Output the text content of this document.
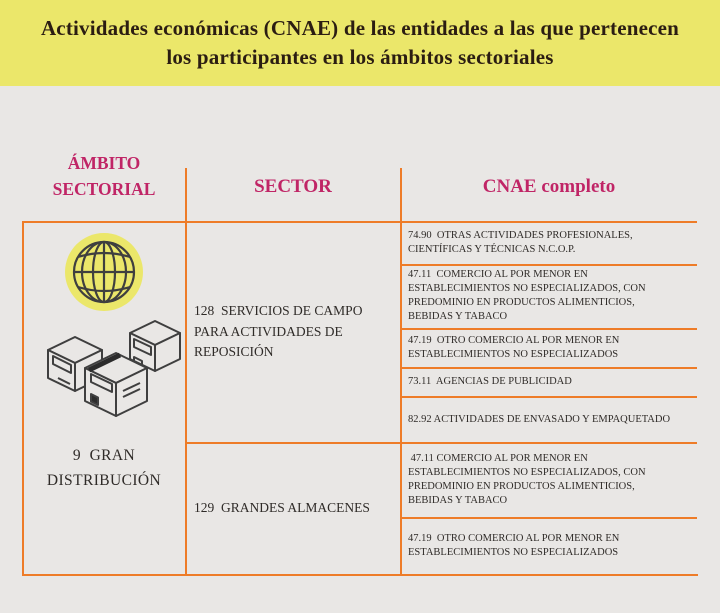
Actividades económicas (CNAE) de las entidades a las que pertenecen los participantes en los ámbitos sectoriales
ÁMBITO SECTORIAL	SECTOR	CNAE completo
9  GRAN DISTRIBUCIÓN
128  SERVICIOS DE CAMPO PARA ACTIVIDADES DE REPOSICIÓN
129  GRANDES ALMACENES
74.90  OTRAS ACTIVIDADES PROFESIONALES, CIENTÍFICAS Y TÉCNICAS N.C.O.P.
47.11  COMERCIO AL POR MENOR EN ESTABLECIMIENTOS NO ESPECIALIZADOS, CON PREDOMINIO EN PRODUCTOS ALIMENTICIOS, BEBIDAS Y TABACO
47.19  OTRO COMERCIO AL POR MENOR EN ESTABLECIMIENTOS NO ESPECIALIZADOS
73.11  AGENCIAS DE PUBLICIDAD
82.92 ACTIVIDADES DE ENVASADO Y EMPAQUETADO
47.11 COMERCIO AL POR MENOR EN ESTABLECIMIENTOS NO ESPECIALIZADOS, CON PREDOMINIO EN PRODUCTOS ALIMENTICIOS, BEBIDAS Y TABACO
47.19  OTRO COMERCIO AL POR MENOR EN ESTABLECIMIENTOS NO ESPECIALIZADOS
